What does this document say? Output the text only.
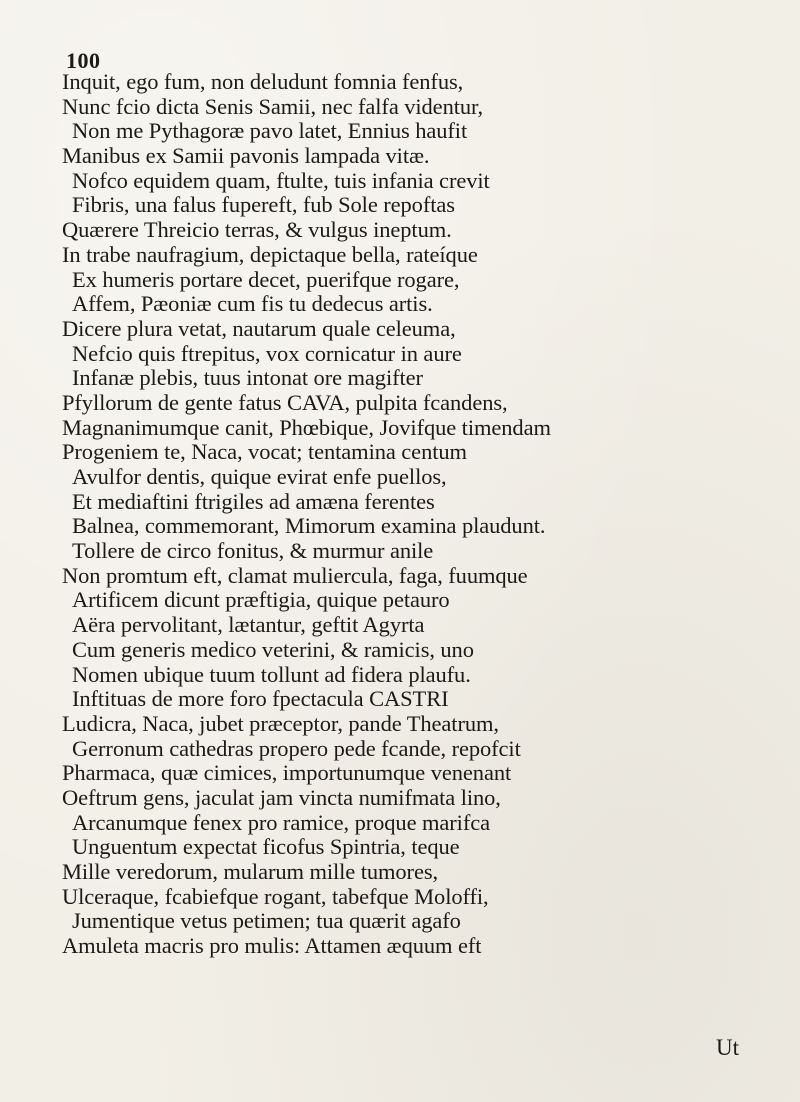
100
Inquit, ego fum, non deludunt fomnia fenfus,
Nunc fcio dicta Senis Samii, nec falfa videntur,
Non me Pythagoræ pavo latet, Ennius haufit
Manibus ex Samii pavonis lampada vitæ.
Nofco equidem quam, ftulte, tuis infania crevit
Fibris, una falus fupereft, fub Sole repoftas
Quærere Threicio terras, & vulgus ineptum.
In trabe naufragium, depictaque bella, rateíque
Ex humeris portare decet, puerifque rogare,
Affem, Pæoniæ cum fis tu dedecus artis.
Dicere plura vetat, nautarum quale celeuma,
Nefcio quis ftrepitus, vox cornicatur in aure
Infanæ plebis, tuus intonat ore magifter
Pfyllorum de gente fatus CAVA, pulpita fcandens,
Magnanimumque canit, Phœbique, Jovifque timendam
Progeniem te, Naca, vocat; tentamina centum
Avulfor dentis, quique evirat enfe puellos,
Et mediaftini ftrigiles ad amæna ferentes
Balnea, commemorant, Mimorum examina plaudunt.
Tollere de circo fonitus, & murmur anile
Non promtum eft, clamat muliercula, faga, fuumque
Artificem dicunt præftigia, quique petauro
Aëra pervolitant, lætantur, geftit Agyrta
Cum generis medico veterini, & ramicis, uno
Nomen ubique tuum tollunt ad fidera plaufu.
Inftituas de more foro fpectacula CASTRI
Ludicra, Naca, jubet præceptor, pande Theatrum,
Gerronum cathedras propero pede fcande, repofcit
Pharmaca, quæ cimices, importunumque venenant
Oeftrum gens, jaculat jam vincta numifmata lino,
Arcanumque fenex pro ramice, proque marifca
Unguentum expectat ficofus Spintria, teque
Mille veredorum, mularum mille tumores,
Ulceraque, fcabiefque rogant, tabefque Moloffi,
Jumentique vetus petimen; tua quærit agafo
Amuleta macris pro mulis: Attamen æquum eft
Ut
